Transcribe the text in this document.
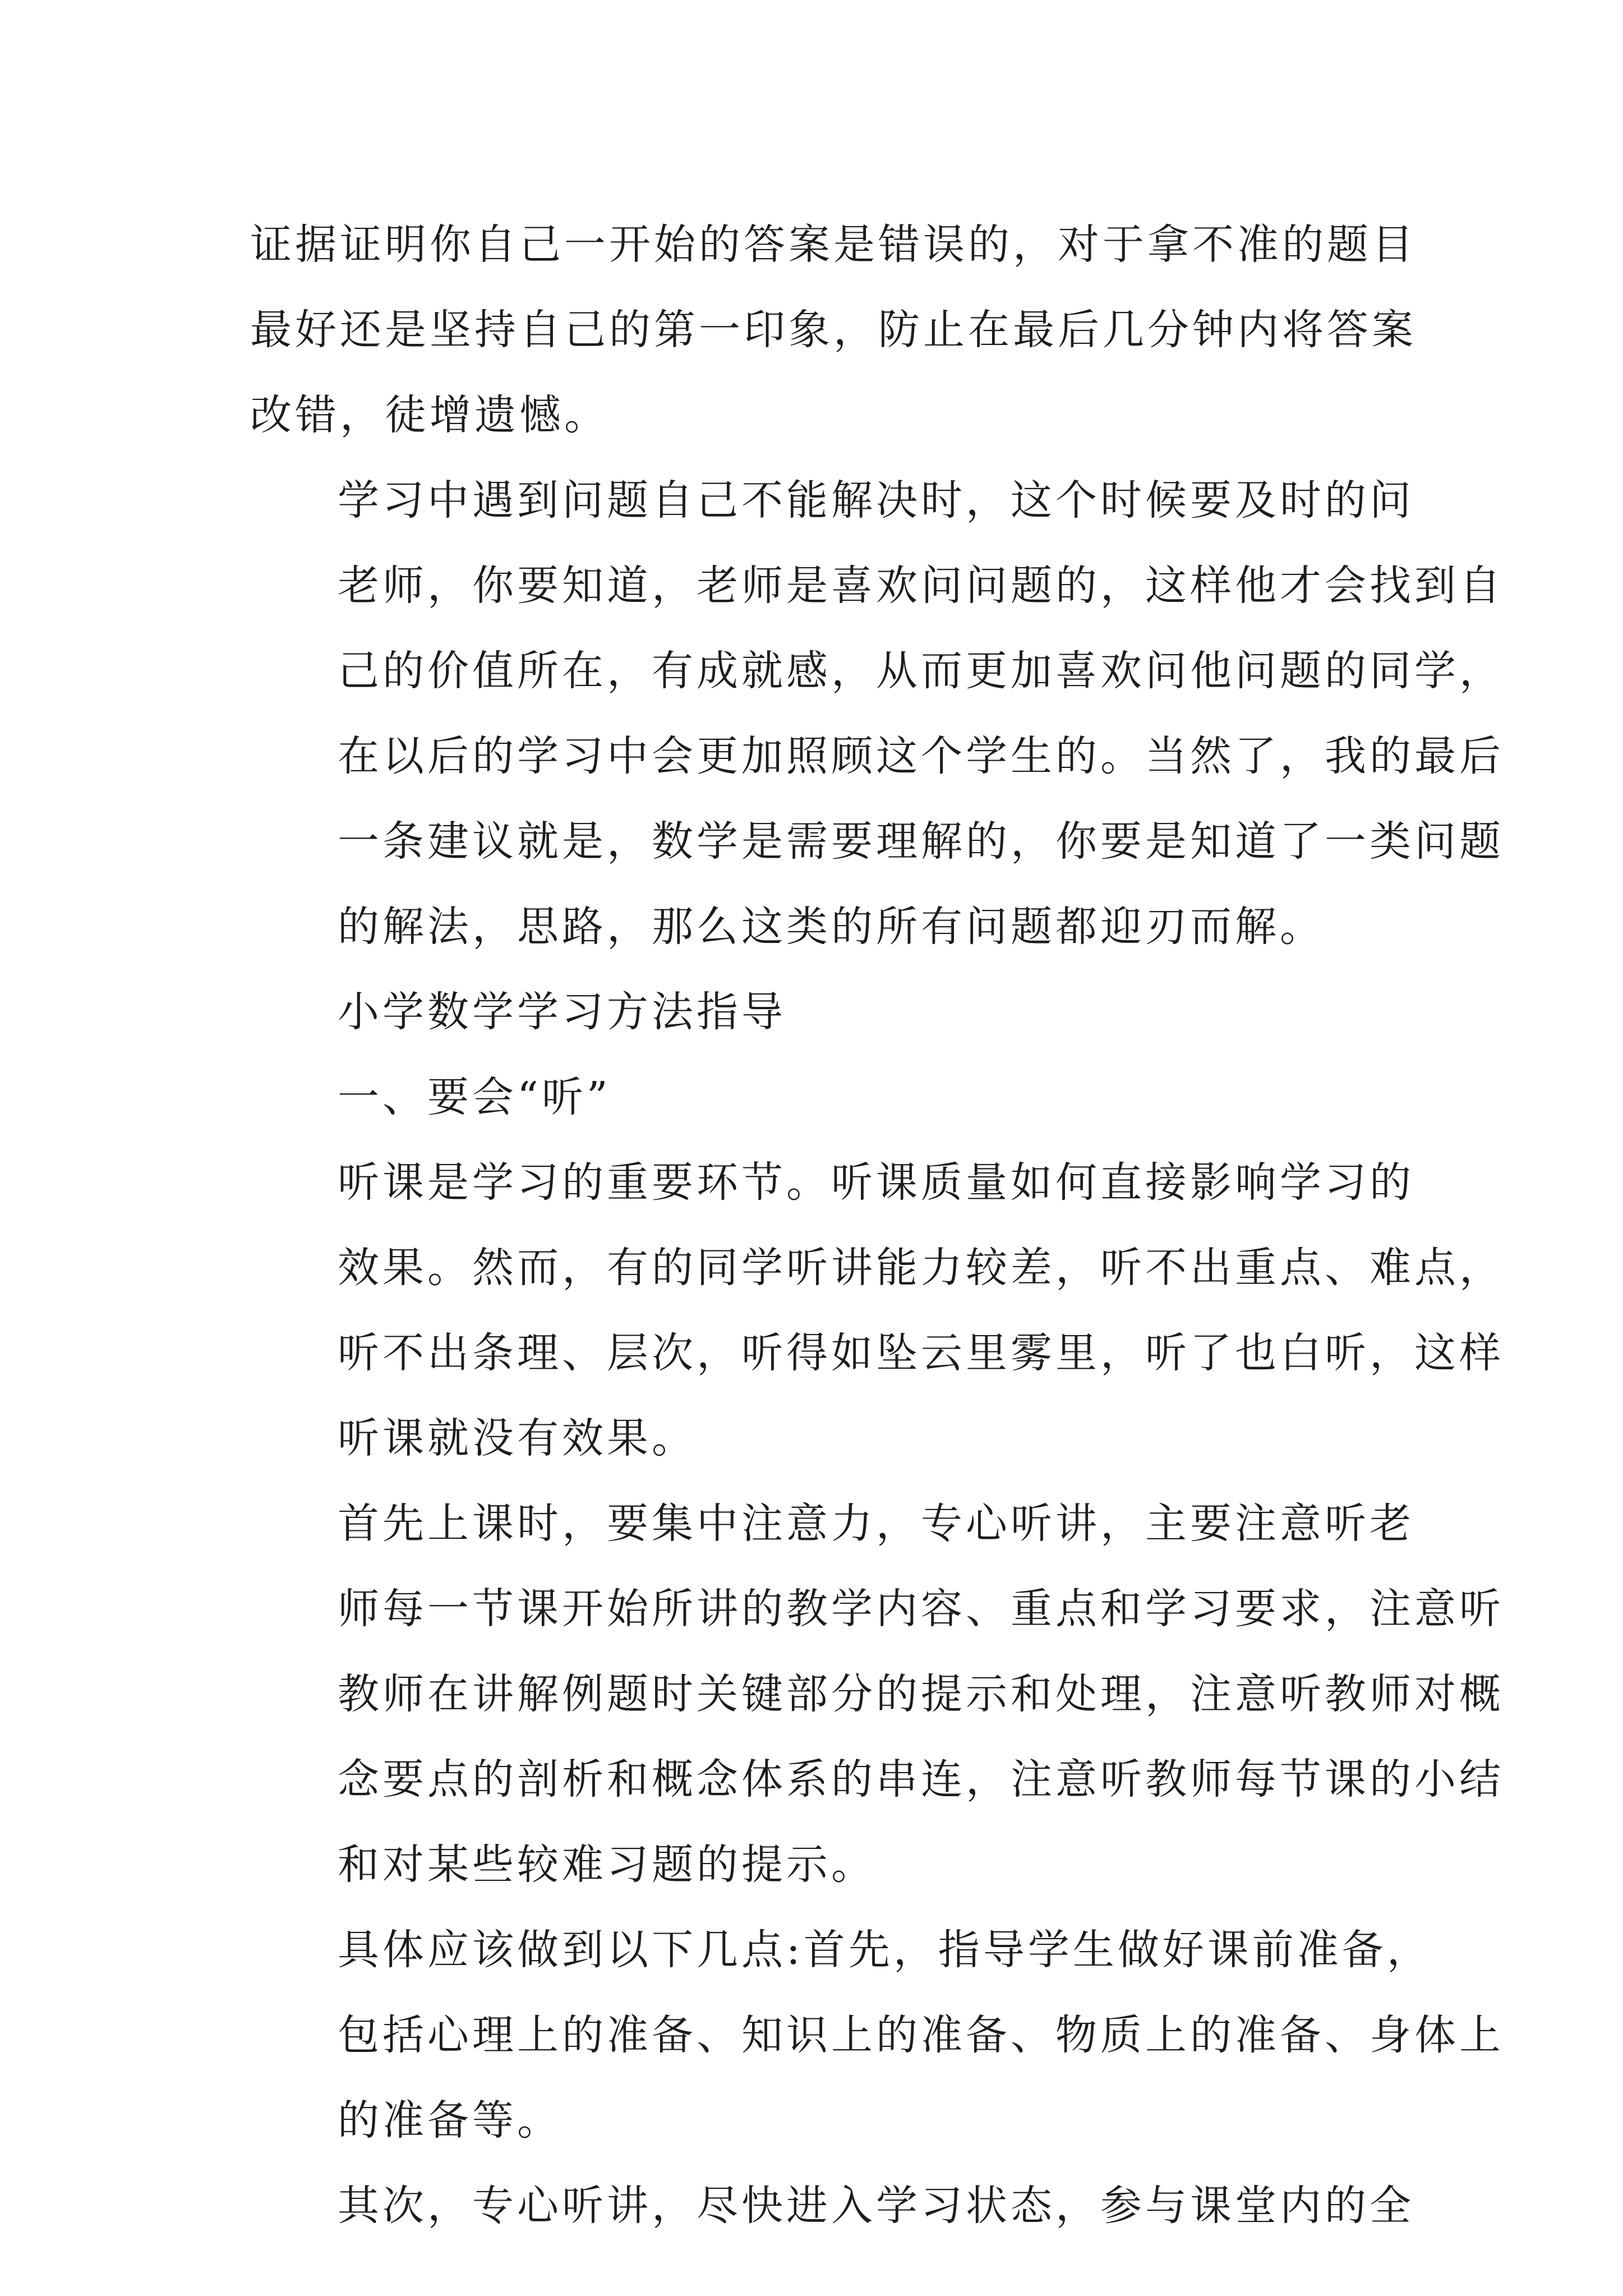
证据证明你自己一开始的答案是错误的，对于拿不准的题目
最好还是坚持自己的第一印象，防止在最后几分钟内将答案
改错，徒增遗憾。
学习中遇到问题自己不能解决时，这个时候要及时的问
老师，你要知道，老师是喜欢问问题的，这样他才会找到自
己的价值所在，有成就感，从而更加喜欢问他问题的同学，
在以后的学习中会更加照顾这个学生的。当然了，我的最后
一条建议就是，数学是需要理解的，你要是知道了一类问题
的解法，思路，那么这类的所有问题都迎刃而解。
小学数学学习方法指导
一、要会“听”
听课是学习的重要环节。听课质量如何直接影响学习的
效果。然而，有的同学听讲能力较差，听不出重点、难点，
听不出条理、层次，听得如坠云里雾里，听了也白听，这样
听课就没有效果。
首先上课时，要集中注意力，专心听讲，主要注意听老
师每一节课开始所讲的教学内容、重点和学习要求，注意听
教师在讲解例题时关键部分的提示和处理，注意听教师对概
念要点的剖析和概念体系的串连，注意听教师每节课的小结
和对某些较难习题的提示。
具体应该做到以下几点:首先，指导学生做好课前准备，
包括心理上的准备、知识上的准备、物质上的准备、身体上
的准备等。
其次，专心听讲，尽快进入学习状态，参与课堂内的全
